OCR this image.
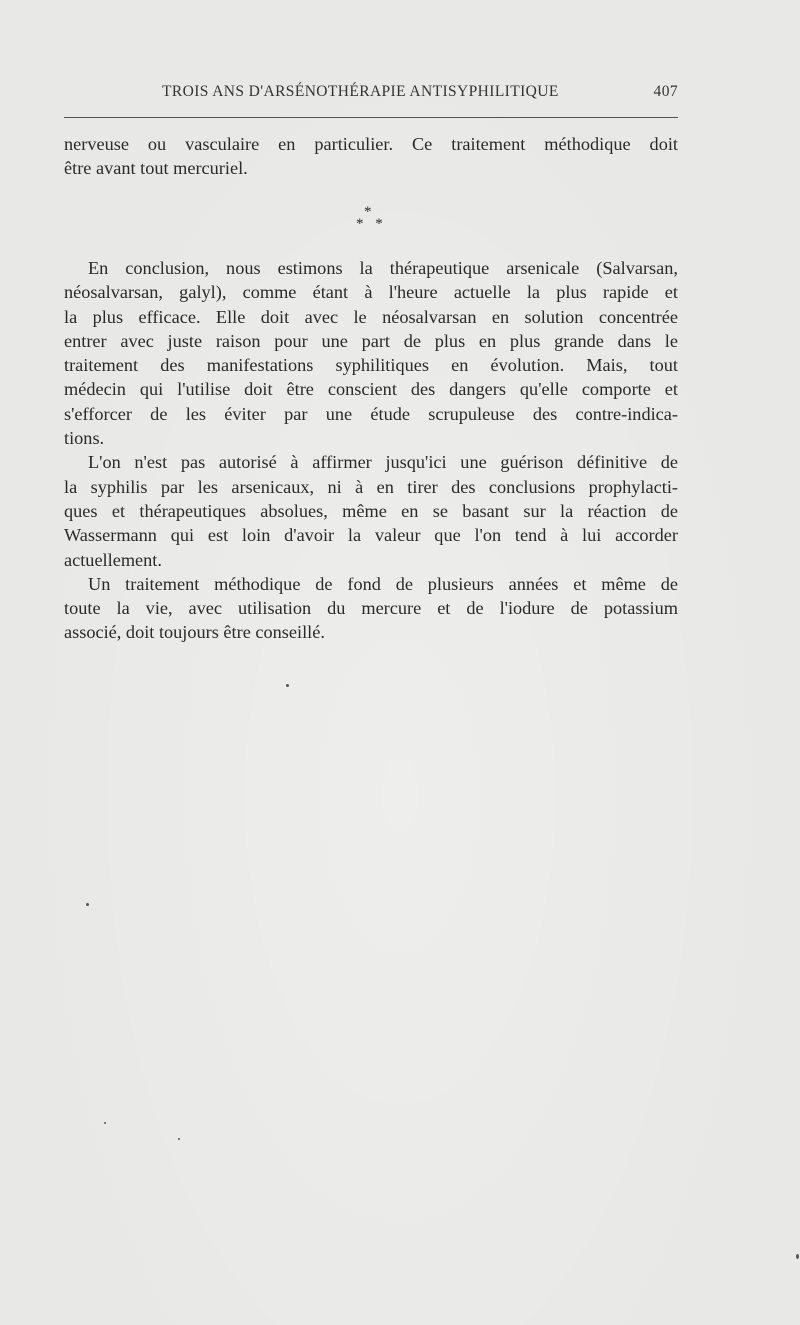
TROIS ANS D'ARSÉNOTHÉRAPIE ANTISYPHILITIQUE	407
nerveuse ou vasculaire en particulier. Ce traitement méthodique doit
être avant tout mercuriel.
*
* *
En conclusion, nous estimons la thérapeutique arsenicale (Salvarsan,
néosalvarsan, galyl), comme étant à l'heure actuelle la plus rapide et
la plus efficace. Elle doit avec le néosalvarsan en solution concentrée
entrer avec juste raison pour une part de plus en plus grande dans le
traitement des manifestations syphilitiques en évolution. Mais, tout
médecin qui l'utilise doit être conscient des dangers qu'elle comporte et
s'efforcer de les éviter par une étude scrupuleuse des contre-indica-
tions.
L'on n'est pas autorisé à affirmer jusqu'ici une guérison définitive de
la syphilis par les arsenicaux, ni à en tirer des conclusions prophylacti-
ques et thérapeutiques absolues, même en se basant sur la réaction de
Wassermann qui est loin d'avoir la valeur que l'on tend à lui accorder
actuellement.
Un traitement méthodique de fond de plusieurs années et même de
toute la vie, avec utilisation du mercure et de l'iodure de potassium
associé, doit toujours être conseillé.
